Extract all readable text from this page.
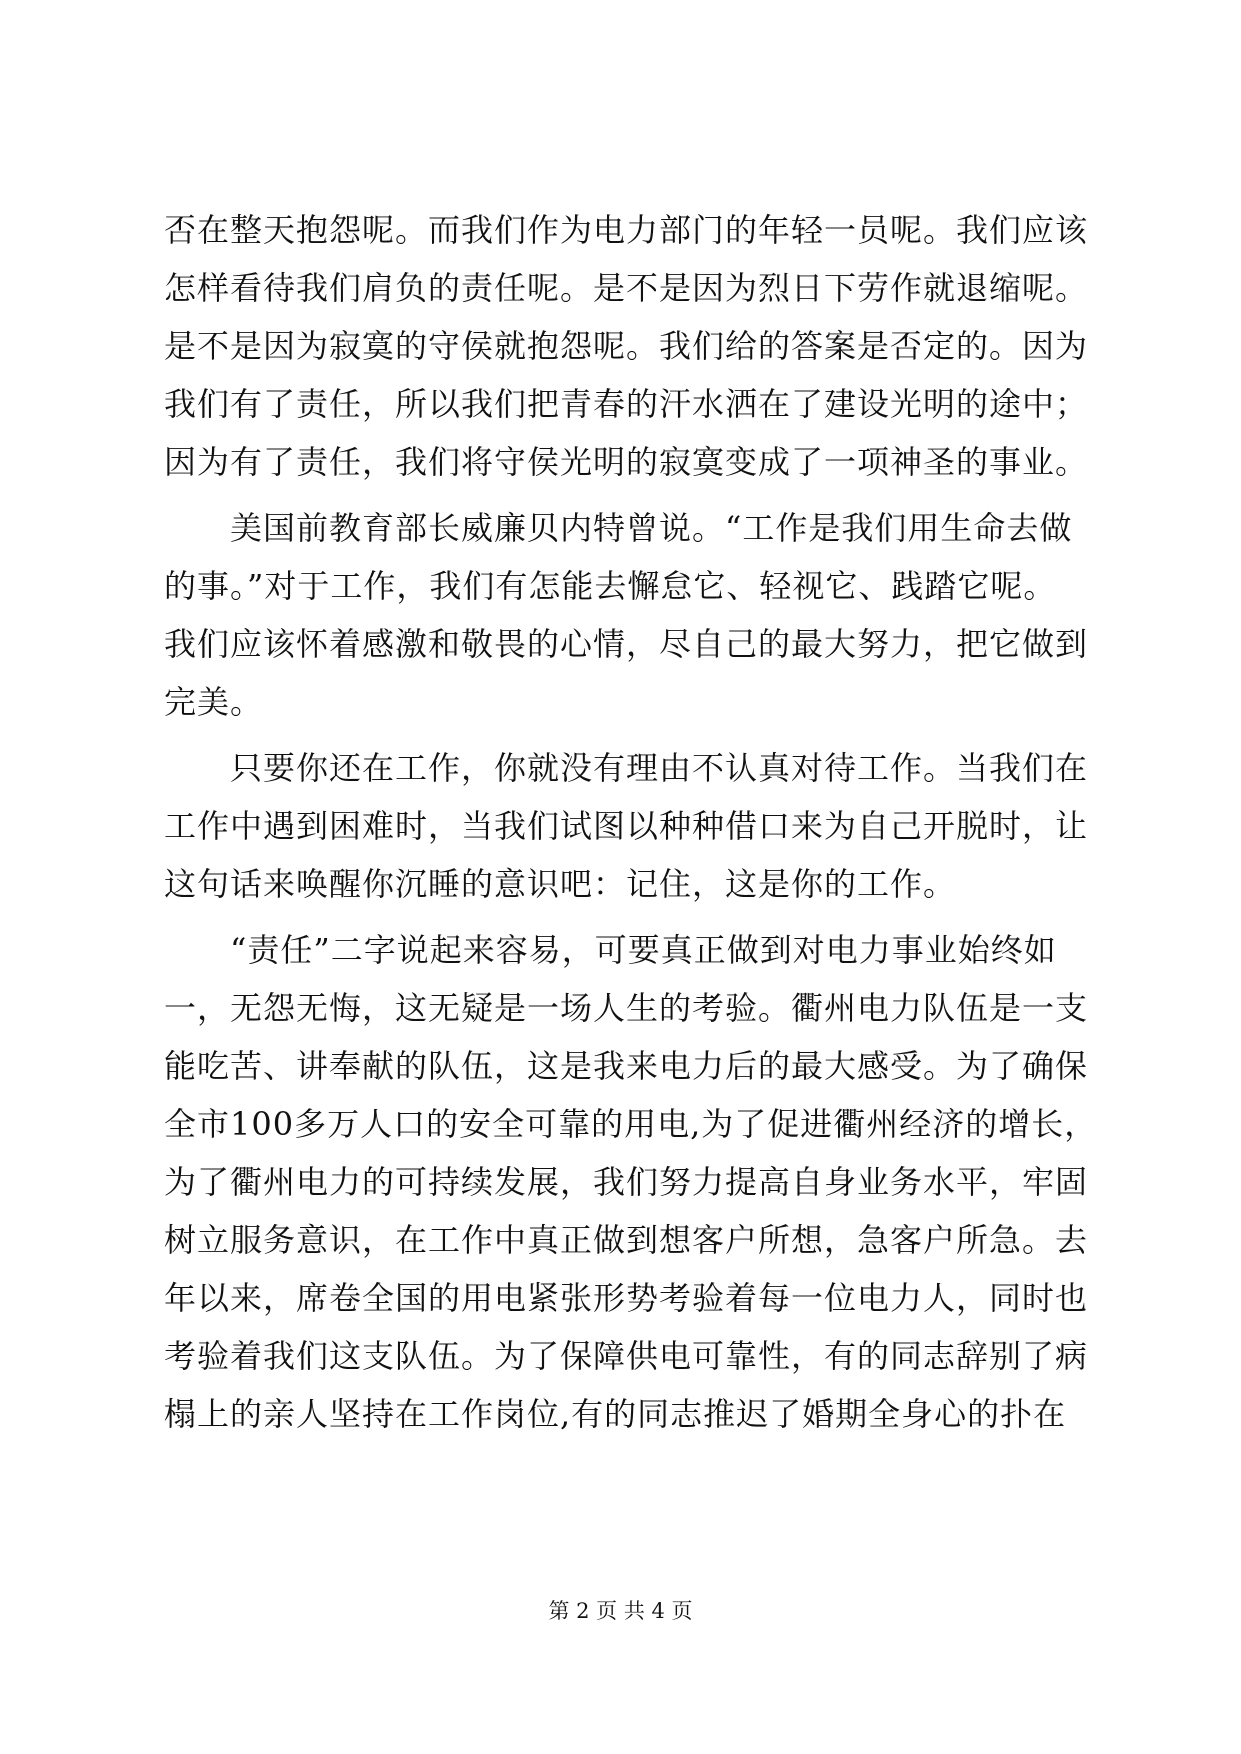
否在整天抱怨呢。而我们作为电力部门的年轻一员呢。我们应该
怎样看待我们肩负的责任呢。是不是因为烈日下劳作就退缩呢。
是不是因为寂寞的守侯就抱怨呢。我们给的答案是否定的。因为
我们有了责任，所以我们把青春的汗水洒在了建设光明的途中；
因为有了责任，我们将守侯光明的寂寞变成了一项神圣的事业。
美国前教育部长威廉贝内特曾说。“工作是我们用生命去做
的事。”对于工作，我们有怎能去懈怠它、轻视它、践踏它呢。
我们应该怀着感激和敬畏的心情，尽自己的最大努力，把它做到
完美。
只要你还在工作，你就没有理由不认真对待工作。当我们在
工作中遇到困难时，当我们试图以种种借口来为自己开脱时，让
这句话来唤醒你沉睡的意识吧：记住，这是你的工作。
“责任”二字说起来容易，可要真正做到对电力事业始终如
一，无怨无悔，这无疑是一场人生的考验。衢州电力队伍是一支
能吃苦、讲奉献的队伍，这是我来电力后的最大感受。为了确保
全市100多万人口的安全可靠的用电,为了促进衢州经济的增长，
为了衢州电力的可持续发展，我们努力提高自身业务水平，牢固
树立服务意识，在工作中真正做到想客户所想，急客户所急。去
年以来，席卷全国的用电紧张形势考验着每一位电力人，同时也
考验着我们这支队伍。为了保障供电可靠性，有的同志辞别了病
榻上的亲人坚持在工作岗位,有的同志推迟了婚期全身心的扑在
第 2 页 共 4 页
